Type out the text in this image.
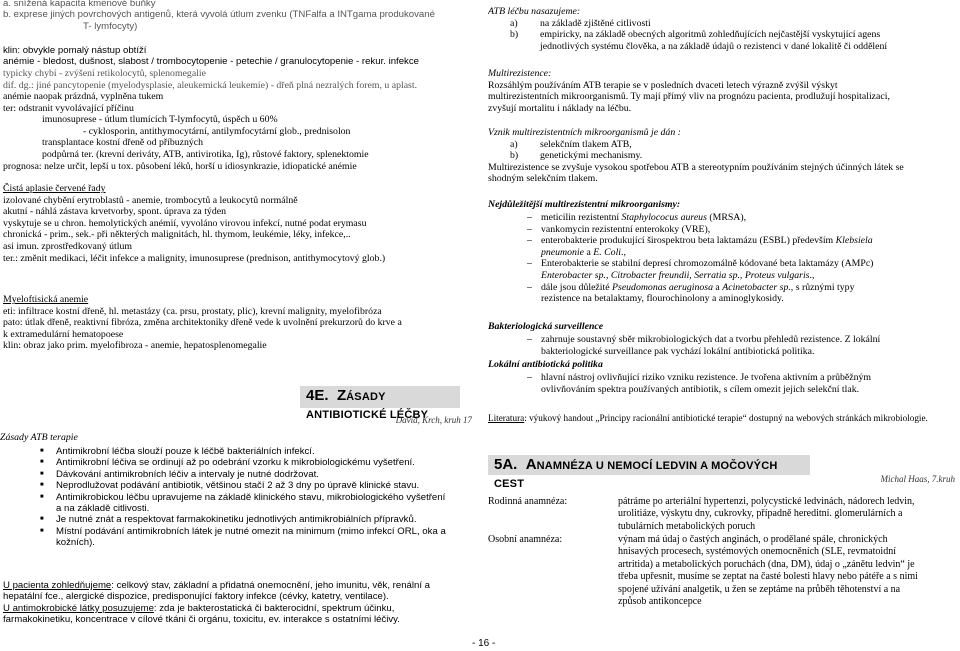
a. snížená kapacita kmenové buňky
b. exprese jiných povrchových antigenů, která vyvolá útlum zvenku (TNFalfa a INTgama produkované
T- lymfocyty)
klin: obvykle pomalý nástup obtíží
anémie - bledost, dušnost, slabost / trombocytopenie - petechie / granulocytopenie - rekur. infekce
typicky chybí - zvýšení retikolocytů, splenomegalie
dif. dg.: jiné pancytopenie (myelodysplasie, aleukemická leukemie) - dřeň plná nezralých forem, u aplast.
anémie naopak prázdná, vyplněna tukem
ter: odstranit vyvolávající příčinu
imunosuprese - útlum tlumících T-lymfocytů, úspěch u 60%
- cyklosporin, antithymocytární, antilymfocytární glob., prednisolon
transplantace kostní dřeně od příbuzných
podpůrná ter. (krevní deriváty, ATB, antivirotika, Ig), růstové faktory, splenektomie
prognosa: nelze určit, lepší u tox. působení léků, horší u idiosynkrazie, idiopatické anémie
Čistá aplasie červené řady
izolované chybění erytroblastů - anemie, trombocytů a leukocytů normálně
akutní - náhlá zástava krvetvorby, spont. úprava za týden
vyskytuje se u chron. hemolytických anémií, vyvoláno virovou infekcí, nutné podat erymasu
chronická - prim., sek.- při některých malignitách, hl. thymom, leukémie, léky, infekce,..
asi imun. zprostředkovaný útlum
ter.: změnit medikaci, léčit infekce a malignity, imunosuprese (prednison, antithymocytový glob.)
Myeloftisická anemie
eti: infiltrace kostní dřeně, hl. metastázy (ca. prsu, prostaty, plic), krevní malignity, myelofibróza
pato: útlak dřeně, reaktivní fibróza, změna architektoniky dřeně vede k uvolnění prekurzorů do krve a
k extramedulární hematopoese
klin: obraz jako prim. myelofibroza - anemie, hepatosplenomegalie
4E. ZÁSADY ANTIBIOTICKÉ LÉČBY
David, Krch, kruh 17
Zásady ATB terapie
■ Antimikrobní léčba slouží pouze k léčbě bakteriálních infekcí.
■ Antimikrobní léčiva se ordinují až po odebrání vzorku k mikrobiologickému vyšetření.
■ Dávkování antimikrobních léčiv a intervaly je nutné dodržovat.
■ Neprodlužovat podávání antibiotik, většinou stačí 2 až 3 dny po úpravě klinické stavu.
■ Antimikrobickou léčbu upravujeme na základě klinického stavu, mikrobiologického vyšetření
a na základě citlivosti.
■ Je nutné znát a respektovat farmakokinetiku jednotlivých antimikrobiálních přípravků.
■ Místní podávání antimikrobních látek je nutné omezit na minimum (mimo infekcí ORL, oka a
kožních).
U pacienta zohledňujeme: celkový stav, základní a přidatná onemocnění, jeho imunitu, věk, renální a
hepatální fce., alergické dispozice, predisponující faktory infekce (cévky, katetry, ventilace).
U antimokrobické látky posuzujeme: zda je bakterostatická či bakterocidní, spektrum účinku,
farmakokinetiku, koncentrace v cílové tkáni či orgánu, toxicitu, ev. interakce s ostatními léčivy.
- 16 -
ATB léčbu nasazujeme:
a) na základě zjištěné citlivosti
b) empiricky, na základě obecných algoritmů zohledňujících nejčastější vyskytující agens
jednotlivých systému člověka, a na základě údajů o rezistenci v dané lokalitě či oddělení
Multirezistence:
Rozsáhlým používáním ATB terapie se v posledních dvaceti letech výrazně zvýšil výskyt
multirezistentních mikroorganismů. Ty mají přímý vliv na prognózu pacienta, prodlužují hospitalizaci,
zvyšují mortalitu i náklady na léčbu.
Vznik multirezistentních mikroorganismů je dán :
a) selekčním tlakem ATB,
b) genetickými mechanismy.
Multirezistence se zvyšuje vysokou spotřebou ATB a stereotypním používáním stejných účinných látek se
shodným selekčním tlakem.
Nejdůležitější multirezistentní mikroorganismy:
– meticilin rezistentní Staphylococus aureus (MRSA),
– vankomycin rezistentní enterokoky (VRE),
– enterobakterie produkující širospektrou beta laktamázu (ESBL) především Klebsiela
pneumonie a E. Coli.,
– Enterobakterie se stabilní depresí chromozomálně kódované beta laktamázy (AMPc)
Enterobacter sp., Citrobacter freundii, Serratia sp., Proteus vulgaris.,
– dále jsou důležité Pseudomonas aeruginosa a Acinetobacter sp., s různými typy
rezistence na betalaktamy, flourochinolony a aminoglykosidy.
Bakteriologická surveillence
– zahrnuje soustavný sběr mikrobiologických dat a tvorbu přehledů rezistence. Z lokální
bakteriologické surveillance pak vychází lokální antibiotická politika.
Lokální antibiotická politika
– hlavní nástroj ovlivňující riziko vzniku rezistence. Je tvořena aktivním a průběžným
ovlivňováním spektra používaných antibiotik, s cílem omezit jejich selekční tlak.
Literatura: výukový handout „Principy racionální antibiotické terapie“ dostupný na webových stránkách mikrobiologie.
5A. ANAMNÉZA U NEMOCÍ LEDVIN A MOČOVÝCH CEST	Michal Haas, 7.kruh
Rodinná anamnéza:	pátráme po arteriální hypertenzi, polycystické ledvinách, nádorech ledvin,
urolitiáze, výskytu dny, cukrovky, případně hereditní. glomerulárních a
tubulárních metabolických poruch
Osobní anamnéza:	výnam má údaj o častých anginách, o prodělané spále, chronických
hnisavých procesech, systémových onemocněních (SLE, revmatoidní
artritida) a metabolických poruchách (dna, DM), údaj o „zánětu ledvin“ je
třeba upřesnit, musíme se zeptat na časté bolesti hlavy nebo pátéře a s nimi
spojené užívání analgetik, u žen se zeptáme na průběh těhotenství a na
způsob antikoncepce
